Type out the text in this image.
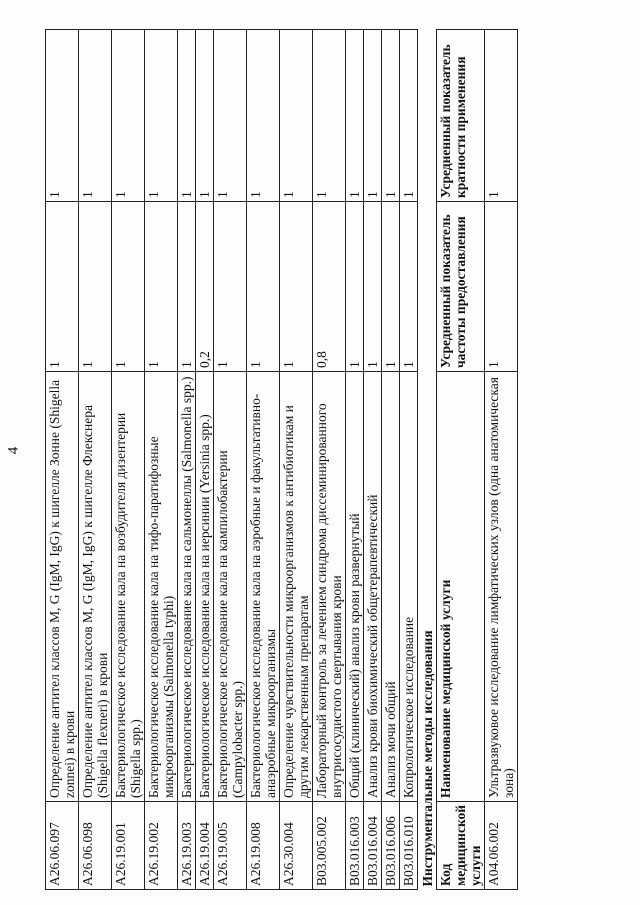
4
A26.06.097	Определение антител классов M, G (IgM, IgG) к шигелле Зонне (Shigella zonnei) в крови	1	1
A26.06.098	Определение антител классов M, G (IgM, IgG) к шигелле Флекснера (Shigella flexneri) в крови	1	1
A26.19.001	Бактериологическое исследование кала на возбудителя дизентерии (Shigella spp.)	1	1
A26.19.002	Бактериологическое исследование кала на тифо-паратифозные микроорганизмы (Salmonella typhi)	1	1
A26.19.003	Бактериологическое исследование кала на сальмонеллы (Salmonella spp.)	1	1
A26.19.004	Бактериологическое исследование кала на иерсинии (Yersinia spp.)	0,2	1
A26.19.005	Бактериологическое исследование кала на кампилобактерии (Campylobacter spp.)	1	1
A26.19.008	Бактериологическое исследование кала на аэробные и факультативно-анаэробные микроорганизмы	1	1
A26.30.004	Определение чувствительности микроорганизмов к антибиотикам и другим лекарственным препаратам	1	1
B03.005.002	Лабораторный контроль за лечением синдрома диссеминированного внутрисосудистого свертывания крови	0,8	1
B03.016.003	Общий (клинический) анализ крови развернутый	1	1
B03.016.004	Анализ крови биохимический общетерапевтический	1	1
B03.016.006	Анализ мочи общий	1	1
B03.016.010	Копрологическое исследование	1	1
Инструментальные методы исследования			
Код медицинской услуги	Наименование медицинской услуги	Усредненный показатель частоты предоставления	Усредненный показатель кратности применения
A04.06.002	Ультразвуковое исследование лимфатических узлов (одна анатомическая зона)	1	1
